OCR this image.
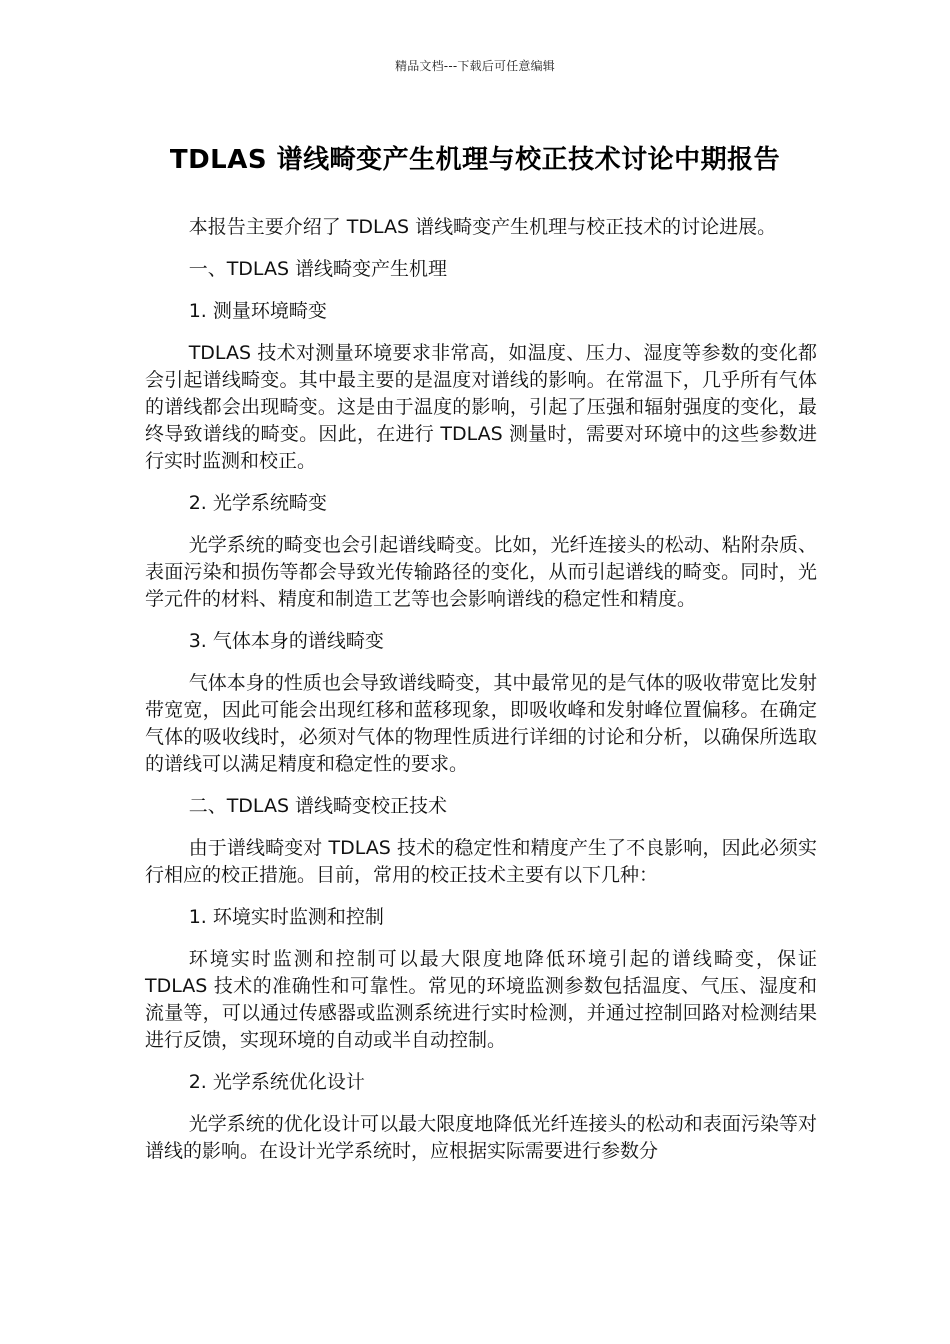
精品文档---下载后可任意编辑
TDLAS 谱线畸变产生机理与校正技术讨论中期报告

本报告主要介绍了 TDLAS 谱线畸变产生机理与校正技术的讨论进展。

一、TDLAS 谱线畸变产生机理

1. 测量环境畸变

TDLAS 技术对测量环境要求非常高，如温度、压力、湿度等参数的变化都会引起谱线畸变。其中最主要的是温度对谱线的影响。在常温下，几乎所有气体的谱线都会出现畸变。这是由于温度的影响，引起了压强和辐射强度的变化，最终导致谱线的畸变。因此，在进行 TDLAS 测量时，需要对环境中的这些参数进行实时监测和校正。

2. 光学系统畸变

光学系统的畸变也会引起谱线畸变。比如，光纤连接头的松动、粘附杂质、表面污染和损伤等都会导致光传输路径的变化，从而引起谱线的畸变。同时，光学元件的材料、精度和制造工艺等也会影响谱线的稳定性和精度。

3. 气体本身的谱线畸变

气体本身的性质也会导致谱线畸变，其中最常见的是气体的吸收带宽比发射带宽宽，因此可能会出现红移和蓝移现象，即吸收峰和发射峰位置偏移。在确定气体的吸收线时，必须对气体的物理性质进行详细的讨论和分析，以确保所选取的谱线可以满足精度和稳定性的要求。

二、TDLAS 谱线畸变校正技术

由于谱线畸变对 TDLAS 技术的稳定性和精度产生了不良影响，因此必须实行相应的校正措施。目前，常用的校正技术主要有以下几种：

1. 环境实时监测和控制

环境实时监测和控制可以最大限度地降低环境引起的谱线畸变，保证 TDLAS 技术的准确性和可靠性。常见的环境监测参数包括温度、气压、湿度和流量等，可以通过传感器或监测系统进行实时检测，并通过控制回路对检测结果进行反馈，实现环境的自动或半自动控制。

2. 光学系统优化设计

光学系统的优化设计可以最大限度地降低光纤连接头的松动和表面污染等对谱线的影响。在设计光学系统时，应根据实际需要进行参数分
